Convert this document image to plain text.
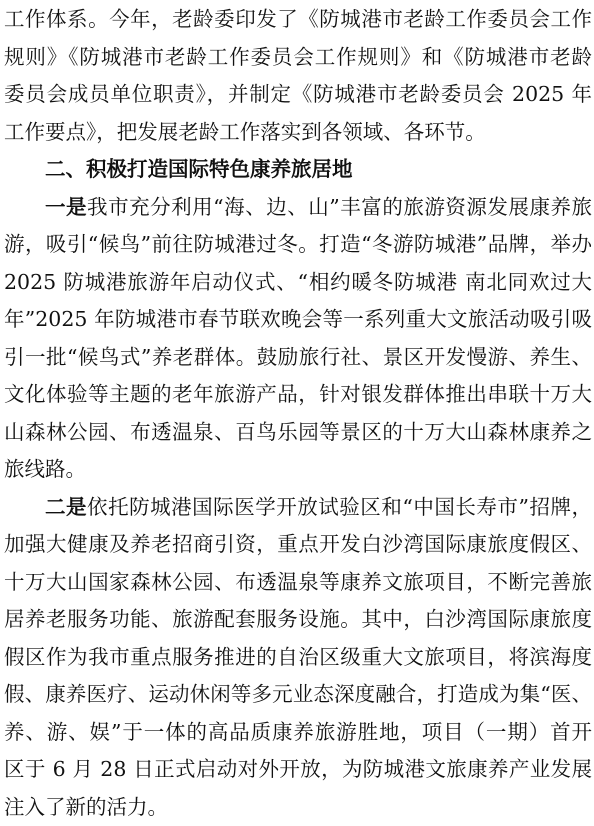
工作体系。今年，老龄委印发了《防城港市老龄工作委员会工作
规则》《防城港市老龄工作委员会工作规则》和《防城港市老龄
委员会成员单位职责》，并制定《防城港市老龄委员会 2025 年
工作要点》，把发展老龄工作落实到各领域、各环节。
二、积极打造国际特色康养旅居地
一是我市充分利用“海、边、山”丰富的旅游资源发展康养旅
游，吸引“候鸟”前往防城港过冬。打造“冬游防城港”品牌，举办
2025 防城港旅游年启动仪式、“相约暖冬防城港 南北同欢过大
年”2025 年防城港市春节联欢晚会等一系列重大文旅活动吸引吸
引一批“候鸟式”养老群体。鼓励旅行社、景区开发慢游、养生、
文化体验等主题的老年旅游产品，针对银发群体推出串联十万大
山森林公园、布透温泉、百鸟乐园等景区的十万大山森林康养之
旅线路。
二是依托防城港国际医学开放试验区和“中国长寿市”招牌，
加强大健康及养老招商引资，重点开发白沙湾国际康旅度假区、
十万大山国家森林公园、布透温泉等康养文旅项目，不断完善旅
居养老服务功能、旅游配套服务设施。其中，白沙湾国际康旅度
假区作为我市重点服务推进的自治区级重大文旅项目，将滨海度
假、康养医疗、运动休闲等多元业态深度融合，打造成为集“医、
养、游、娱”于一体的高品质康养旅游胜地，项目（一期）首开
区于 6 月 28 日正式启动对外开放，为防城港文旅康养产业发展
注入了新的活力。
